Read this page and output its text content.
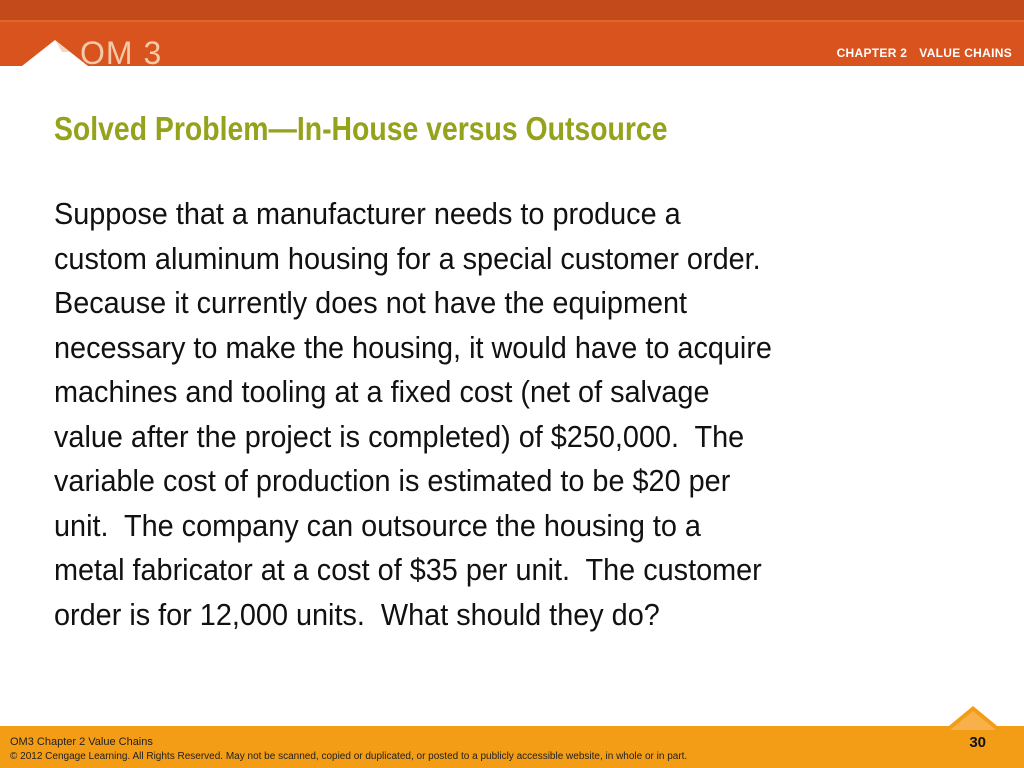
OM 3	CHAPTER 2 VALUE CHAINS
Solved Problem—In-House versus Outsource
Suppose that a manufacturer needs to produce a
custom aluminum housing for a special customer order.
Because it currently does not have the equipment
necessary to make the housing, it would have to acquire
machines and tooling at a fixed cost (net of salvage
value after the project is completed) of $250,000.  The
variable cost of production is estimated to be $20 per
unit.  The company can outsource the housing to a
metal fabricator at a cost of $35 per unit.  The customer
order is for 12,000 units.  What should they do?
OM3 Chapter 2 Value Chains
© 2012 Cengage Learning. All Rights Reserved. May not be scanned, copied or duplicated, or posted to a publicly accessible website, in whole or in part.
30
